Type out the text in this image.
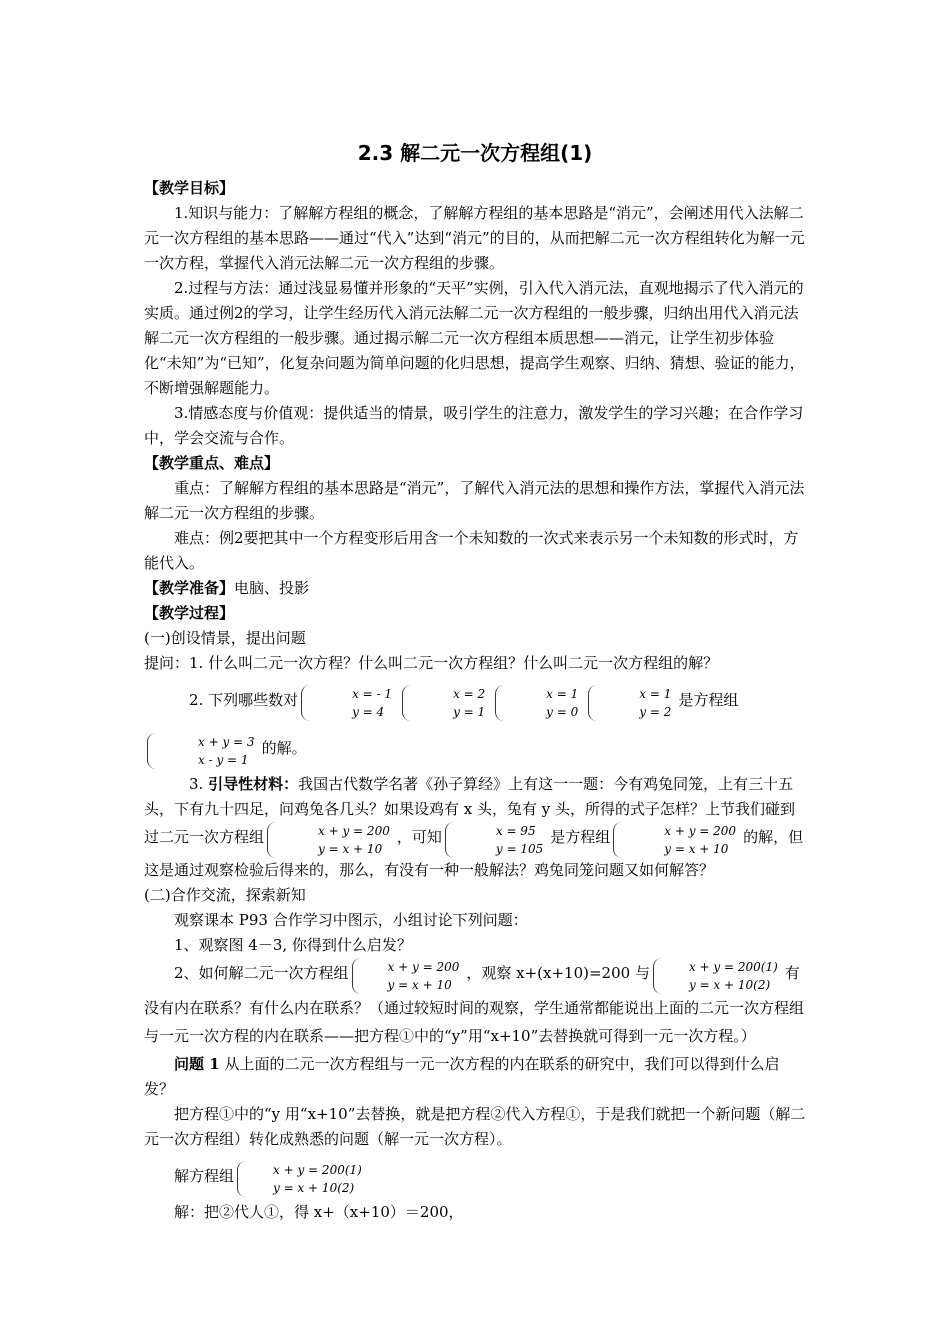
2.3 解二元一次方程组(1)

【教学目标】

1.知识与能力：了解解方程组的概念，了解解方程组的基本思路是“消元”，会阐述用代入法解二元一次方程组的基本思路——通过“代入”达到“消元”的目的，从而把解二元一次方程组转化为解一元一次方程，掌握代入消元法解二元一次方程组的步骤。

2.过程与方法：通过浅显易懂并形象的“天平”实例，引入代入消元法，直观地揭示了代入消元的实质。通过例2的学习，让学生经历代入消元法解二元一次方程组的一般步骤，归纳出用代入消元法解二元一次方程组的一般步骤。通过揭示解二元一次方程组本质思想——消元，让学生初步体验化“未知”为“已知”，化复杂问题为简单问题的化归思想，提高学生观察、归纳、猜想、验证的能力，不断增强解题能力。

3.情感态度与价值观：提供适当的情景，吸引学生的注意力，激发学生的学习兴趣；在合作学习中，学会交流与合作。

【教学重点、难点】

重点：了解解方程组的基本思路是“消元”，了解代入消元法的思想和操作方法，掌握代入消元法解二元一次方程组的步骤。

难点：例2要把其中一个方程变形后用含一个未知数的一次式来表示另一个未知数的形式时，方能代入。

【教学准备】电脑、投影

【教学过程】

(一)创设情景，提出问题

提问：1. 什么叫二元一次方程？什么叫二元一次方程组？什么叫二元一次方程组的解？

2. 下列哪些数对	x = - 1
y = 4
x = 2
y = 1
x = 1
y = 0
x = 1
y = 2
是方程组
x + y = 3
x - y = 1
的解。

3. 引导性材料：我国古代数学名著《孙子算经》上有这一一题：今有鸡兔同笼，上有三十五头，下有九十四足，问鸡兔各几头？如果设鸡有 x 头，兔有 y 头，所得的式子怎样？上节我们碰到过二元一次方程组	x + y = 200
y = x + 10
，可知	x = 95
y = 105
是方程组	x + y = 200
y = x + 10
的解，但这是通过观察检验后得来的，那么，有没有一种一般解法？鸡兔同笼问题又如何解答？

(二)合作交流，探索新知

观察课本 P93 合作学习中图示，小组讨论下列问题：

1、观察图 4－3, 你得到什么启发？

2、如何解二元一次方程组	x + y = 200
y = x + 10
，观察 x+(x+10)=200 与	x + y = 200(1)
y = x + 10(2)
有没有内在联系？有什么内在联系？（通过较短时间的观察，学生通常都能说出上面的二元一次方程组与一元一次方程的内在联系——把方程①中的“y”用“x+10”去替换就可得到一元一次方程。）

问题 1 从上面的二元一次方程组与一元一次方程的内在联系的研究中，我们可以得到什么启发？

把方程①中的“y 用“x+10”去替换，就是把方程②代入方程①，于是我们就把一个新问题（解二元一次方程组）转化成熟悉的问题（解一元一次方程）。

解方程组	x + y = 200(1)
y = x + 10(2)

解：把②代人①，得 x+（x+10）＝200，
